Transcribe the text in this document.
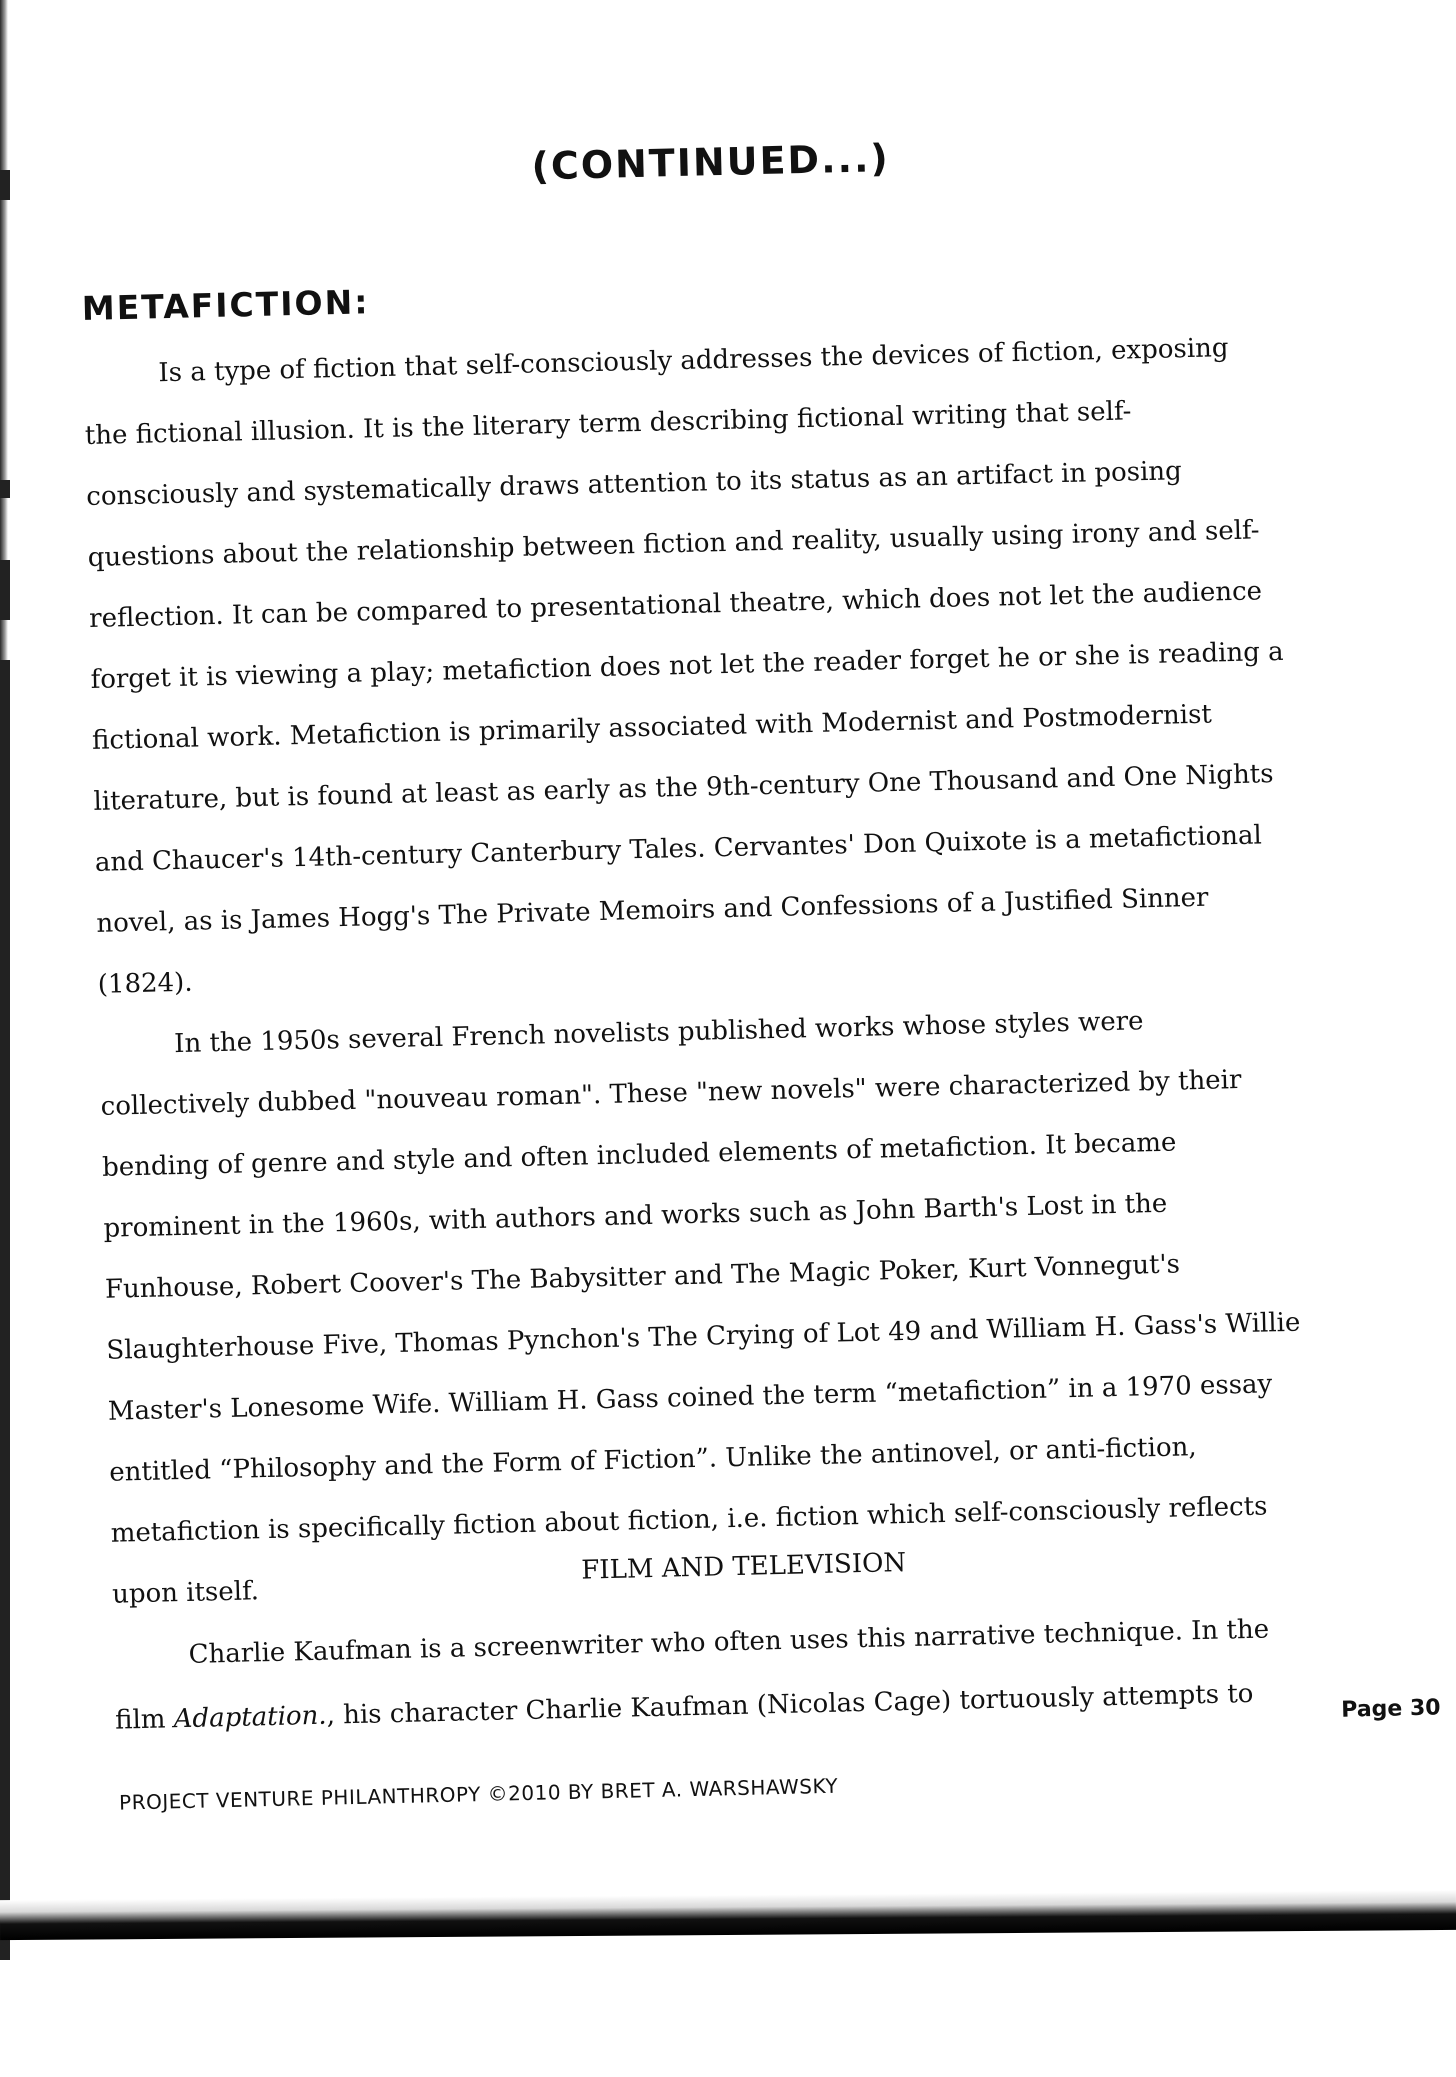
(CONTINUED...)
METAFICTION:
Is a type of fiction that self-consciously addresses the devices of fiction, exposing
the fictional illusion. It is the literary term describing fictional writing that self-
consciously and systematically draws attention to its status as an artifact in posing
questions about the relationship between fiction and reality, usually using irony and self-
reflection. It can be compared to presentational theatre, which does not let the audience
forget it is viewing a play; metafiction does not let the reader forget he or she is reading a
fictional work. Metafiction is primarily associated with Modernist and Postmodernist
literature, but is found at least as early as the 9th-century One Thousand and One Nights
and Chaucer's 14th-century Canterbury Tales. Cervantes' Don Quixote is a metafictional
novel, as is James Hogg's The Private Memoirs and Confessions of a Justified Sinner
(1824).
In the 1950s several French novelists published works whose styles were
collectively dubbed "nouveau roman". These "new novels" were characterized by their
bending of genre and style and often included elements of metafiction. It became
prominent in the 1960s, with authors and works such as John Barth's Lost in the
Funhouse, Robert Coover's The Babysitter and The Magic Poker, Kurt Vonnegut's
Slaughterhouse Five, Thomas Pynchon's The Crying of Lot 49 and William H. Gass's Willie
Master's Lonesome Wife. William H. Gass coined the term “metafiction” in a 1970 essay
entitled “Philosophy and the Form of Fiction”. Unlike the antinovel, or anti-fiction,
metafiction is specifically fiction about fiction, i.e. fiction which self-consciously reflects
upon itself.
FILM AND TELEVISION
Charlie Kaufman is a screenwriter who often uses this narrative technique. In the
film Adaptation., his character Charlie Kaufman (Nicolas Cage) tortuously attempts to	Page 30
PROJECT VENTURE PHILANTHROPY ©2010 BY BRET A. WARSHAWSKY
